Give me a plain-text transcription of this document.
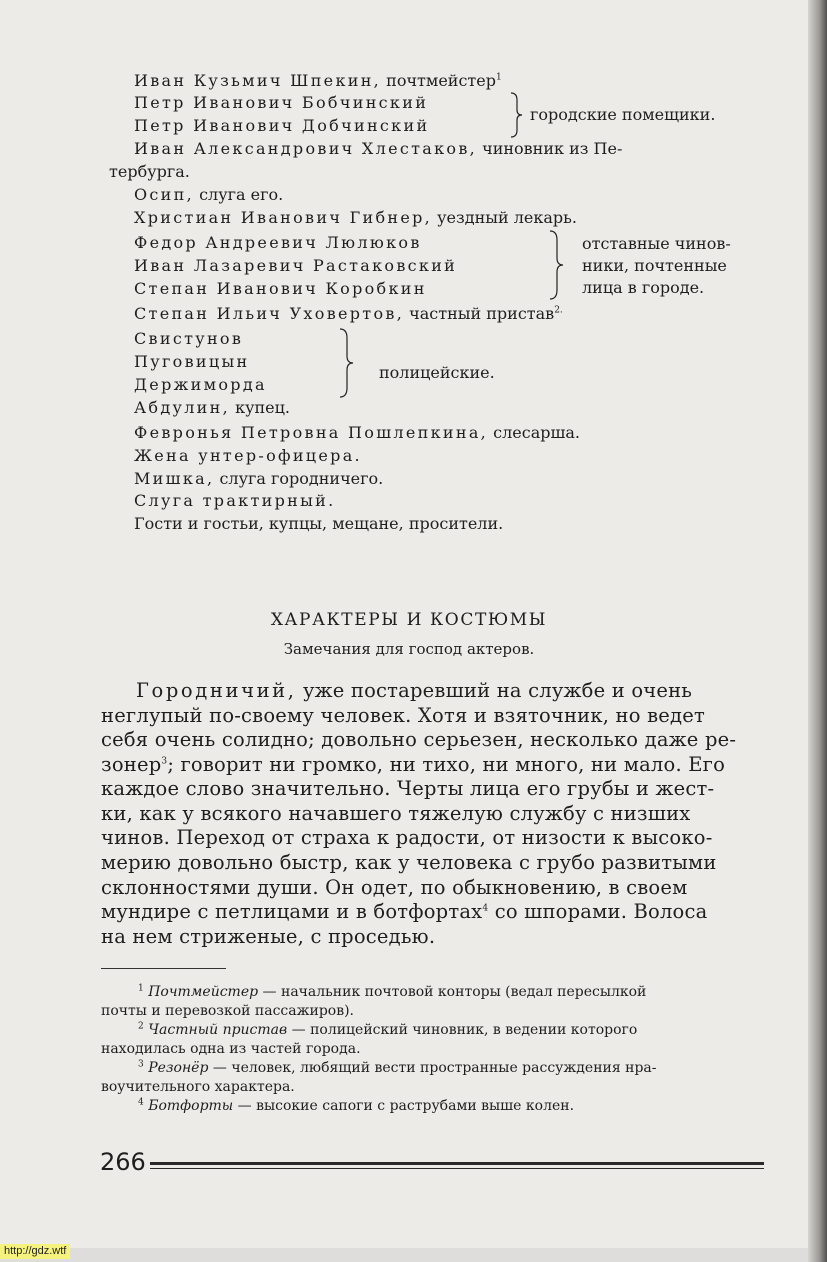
Иван Кузьмич Шпекин, почтмейстер$^1$
Петр Иванович Бобчинский
Петр Иванович Добчинский
городские помещики.
Иван Александрович Хлестаков, чиновник из Пе-
тербурга.
Осип, слуга его.
Христиан Иванович Гибнер, уездный лекарь.
Федор Андреевич Люлюков
Иван Лазаревич Растаковский
Степан Иванович Коробкин
отставные чинов-
ники, почтенные
лица в городе.
Степан Ильич Уховертов, частный пристав$^{2.}$
Свистунов
Пуговицын
Держиморда
полицейские.
Абдулин, купец.
Февронья Петровна Пошлепкина, слесарша.
Жена унтер-офицера.
Мишка, слуга городничего.
Слуга трактирный.
Гости и гостьи, купцы, мещане, просители.
ХАРАКТЕРЫ И КОСТЮМЫ
Замечания для господ актеров.
Городничий, уже постаревший на службе и очень
неглупый по-своему человек. Хотя и взяточник, но ведет
себя очень солидно; довольно серьезен, несколько даже ре-
зонер$^3$; говорит ни громко, ни тихо, ни много, ни мало. Его
каждое слово значительно. Черты лица его грубы и жест-
ки, как у всякого начавшего тяжелую службу с низших
чинов. Переход от страха к радости, от низости к высоко-
мерию довольно быстр, как у человека с грубо развитыми
склонностями души. Он одет, по обыкновению, в своем
мундире с петлицами и в ботфортах$^4$ со шпорами. Волоса
на нем стриженые, с проседью.
$^1$ Почтмейстер — начальник почтовой конторы (ведал пересылкой
почты и перевозкой пассажиров).
$^2$ Частный пристав — полицейский чиновник, в ведении которого
находилась одна из частей города.
$^3$ Резонёр — человек, любящий вести пространные рассуждения нра-
воучительного характера.
$^4$ Ботфорты — высокие сапоги с раструбами выше колен.
266
http://gdz.wtf
